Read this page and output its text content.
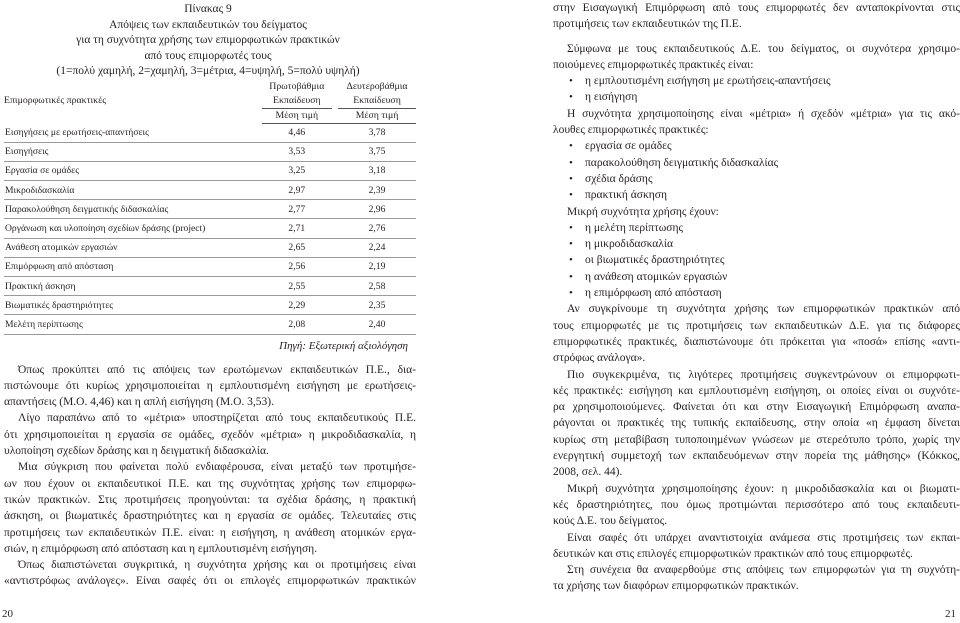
Πίνακας 9
Απόψεις των εκπαιδευτικών του δείγματος
για τη συχνότητα χρήσης των επιμορφωτικών πρακτικών
από τους επιμορφωτές τους
(1=πολύ χαμηλή, 2=χαμηλή, 3=μέτρια, 4=υψηλή, 5=πολύ υψηλή)
Επιμορφωτικές πρακτικές	Πρωτοβάθμια
Εκπαίδευση		Δευτεροβάθμια
Εκπαίδευση
	Μέση τιμή		Μέση τιμή
Εισηγήσεις με ερωτήσεις-απαντήσεις	4,46		3,78
Εισηγήσεις	3,53		3,75
Εργασία σε ομάδες	3,25		3,18
Μικροδιδασκαλία	2,97		2,39
Παρακολούθηση δειγματικής διδασκαλίας	2,77		2,96
Οργάνωση και υλοποίηση σχεδίων δράσης (project)	2,71		2,76
Ανάθεση ατομικών εργασιών	2,65		2,24
Επιμόρφωση από απόσταση	2,56		2,19
Πρακτική άσκηση	2,55		2,58
Βιωματικές δραστηριότητες	2,29		2,35
Μελέτη περίπτωσης	2,08		2,40
Πηγή: Εξωτερική αξιολόγηση

Όπως προκύπτει από τις απόψεις των ερωτώμενων εκπαιδευτικών Π.Ε., δια-
πιστώνουμε ότι κυρίως χρησιμοποιείται η εμπλουτισμένη εισήγηση με ερωτήσεις-
απαντήσεις (Μ.Ο. 4,46) και η απλή εισήγηση (Μ.Ο. 3,53).

Λίγο παραπάνω από το «μέτρια» υποστηρίζεται από τους εκπαιδευτικούς Π.Ε.
ότι χρησιμοποιείται η εργασία σε ομάδες, σχεδόν «μέτρια» η μικροδιδασκαλία, η
υλοποίηση σχεδίων δράσης και η δειγματική διδασκαλία.

Μια σύγκριση που φαίνεται πολύ ενδιαφέρουσα, είναι μεταξύ των προτιμήσε-
ων που έχουν οι εκπαιδευτικοί Π.Ε. και της συχνότητας χρήσης των επιμορφω-
τικών πρακτικών. Στις προτιμήσεις προηγούνται: τα σχέδια δράσης, η πρακτική
άσκηση, οι βιωματικές δραστηριότητες και η εργασία σε ομάδες. Τελευταίες στις
προτιμήσεις των εκπαιδευτικών Π.Ε. είναι: η εισήγηση, η ανάθεση ατομικών εργα-
σιών, η επιμόρφωση από απόσταση και η εμπλουτισμένη εισήγηση.

Όπως διαπιστώνεται συγκριτικά, η συχνότητα χρήσης και οι προτιμήσεις είναι
«αντιστρόφως ανάλογες». Είναι σαφές ότι οι επιλογές επιμορφωτικών πρακτικών

20

στην Εισαγωγική Επιμόρφωση από τους επιμορφωτές δεν ανταποκρίνονται στις
προτιμήσεις των εκπαιδευτικών της Π.Ε.

Σύμφωνα με τους εκπαιδευτικούς Δ.Ε. του δείγματος, οι συχνότερα χρησιμο-
ποιούμενες επιμορφωτικές πρακτικές είναι:

• η εμπλουτισμένη εισήγηση με ερωτήσεις-απαντήσεις
• η εισήγηση

Η συχνότητα χρησιμοποίησης είναι «μέτρια» ή σχεδόν «μέτρια» για τις ακό-
λουθες επιμορφωτικές πρακτικές:

• εργασία σε ομάδες
• παρακολούθηση δειγματικής διδασκαλίας
• σχέδια δράσης
• πρακτική άσκηση

Μικρή συχνότητα χρήσης έχουν:

• η μελέτη περίπτωσης
• η μικροδιδασκαλία
• οι βιωματικές δραστηριότητες
• η ανάθεση ατομικών εργασιών
• η επιμόρφωση από απόσταση

Αν συγκρίνουμε τη συχνότητα χρήσης των επιμορφωτικών πρακτικών από
τους επιμορφωτές με τις προτιμήσεις των εκπαιδευτικών Δ.Ε. για τις διάφορες
επιμορφωτικές πρακτικές, διαπιστώνουμε ότι πρόκειται για «ποσά» επίσης «αντι-
στρόφως ανάλογα».

Πιο συγκεκριμένα, τις λιγότερες προτιμήσεις συγκεντρώνουν οι επιμορφωτι-
κές πρακτικές: εισήγηση και εμπλουτισμένη εισήγηση, οι οποίες είναι οι συχνότε-
ρα χρησιμοποιούμενες. Φαίνεται ότι και στην Εισαγωγική Επιμόρφωση αναπα-
ράγονται οι πρακτικές της τυπικής εκπαίδευσης, στην οποία «η έμφαση δίνεται
κυρίως στη μεταβίβαση τυποποιημένων γνώσεων με στερεότυπο τρόπο, χωρίς την
ενεργητική συμμετοχή των εκπαιδευόμενων στην πορεία της μάθησης» (Κόκκος,
2008, σελ. 44).

Μικρή συχνότητα χρησιμοποίησης έχουν: η μικροδιδασκαλία και οι βιωματι-
κές δραστηριότητες, που όμως προτιμώνται περισσότερο από τους εκπαιδευτι-
κούς Δ.Ε. του δείγματος.

Είναι σαφές ότι υπάρχει αναντιστοιχία ανάμεσα στις προτιμήσεις των εκπαι-
δευτικών και στις επιλογές επιμορφωτικών πρακτικών από τους επιμορφωτές.

Στη συνέχεια θα αναφερθούμε στις απόψεις των επιμορφωτών για τη συχνότη-
τα χρήσης των διαφόρων επιμορφωτικών πρακτικών.

21
